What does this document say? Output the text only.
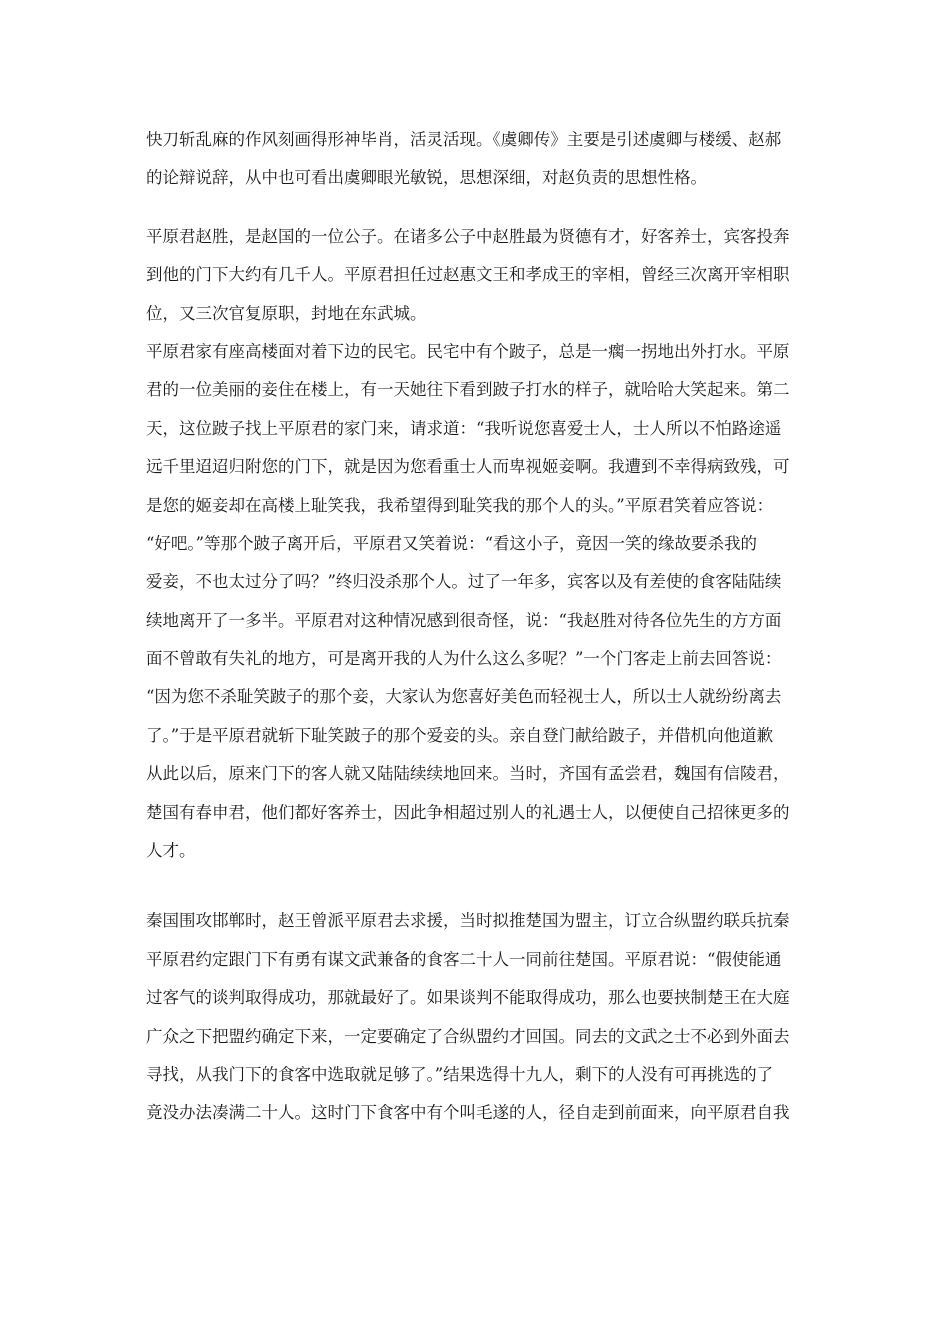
快刀斩乱麻的作风刻画得形神毕肖，活灵活现。《虞卿传》主要是引述虞卿与楼缓、赵郝
的论辩说辞，从中也可看出虞卿眼光敏锐，思想深细，对赵负责的思想性格。
平原君赵胜，是赵国的一位公子。在诸多公子中赵胜最为贤德有才，好客养士，宾客投奔
到他的门下大约有几千人。平原君担任过赵惠文王和孝成王的宰相，曾经三次离开宰相职
位，又三次官复原职，封地在东武城。
平原君家有座高楼面对着下边的民宅。民宅中有个跛子，总是一瘸一拐地出外打水。平原
君的一位美丽的妾住在楼上，有一天她往下看到跛子打水的样子，就哈哈大笑起来。第二
天，这位跛子找上平原君的家门来，请求道：“我听说您喜爱士人，士人所以不怕路途遥
远千里迢迢归附您的门下，就是因为您看重士人而卑视姬妾啊。我遭到不幸得病致残，可
是您的姬妾却在高楼上耻笑我，我希望得到耻笑我的那个人的头。”平原君笑着应答说：
“好吧。”等那个跛子离开后，平原君又笑着说：“看这小子，竟因一笑的缘故要杀我的
爱妾，不也太过分了吗？”终归没杀那个人。过了一年多，宾客以及有差使的食客陆陆续
续地离开了一多半。平原君对这种情况感到很奇怪，说：“我赵胜对待各位先生的方方面
面不曾敢有失礼的地方，可是离开我的人为什么这么多呢？”一个门客走上前去回答说：
“因为您不杀耻笑跛子的那个妾，大家认为您喜好美色而轻视士人，所以士人就纷纷离去
了。”于是平原君就斩下耻笑跛子的那个爱妾的头。亲自登门献给跛子，并借机向他道歉
从此以后，原来门下的客人就又陆陆续续地回来。当时，齐国有孟尝君，魏国有信陵君，
楚国有春申君，他们都好客养士，因此争相超过别人的礼遇士人，以便使自己招徕更多的
人才。
秦国围攻邯郸时，赵王曾派平原君去求援，当时拟推楚国为盟主，订立合纵盟约联兵抗秦
平原君约定跟门下有勇有谋文武兼备的食客二十人一同前往楚国。平原君说：“假使能通
过客气的谈判取得成功，那就最好了。如果谈判不能取得成功，那么也要挟制楚王在大庭
广众之下把盟约确定下来，一定要确定了合纵盟约才回国。同去的文武之士不必到外面去
寻找，从我门下的食客中选取就足够了。”结果选得十九人，剩下的人没有可再挑选的了
竟没办法凑满二十人。这时门下食客中有个叫毛遂的人，径自走到前面来，向平原君自我
